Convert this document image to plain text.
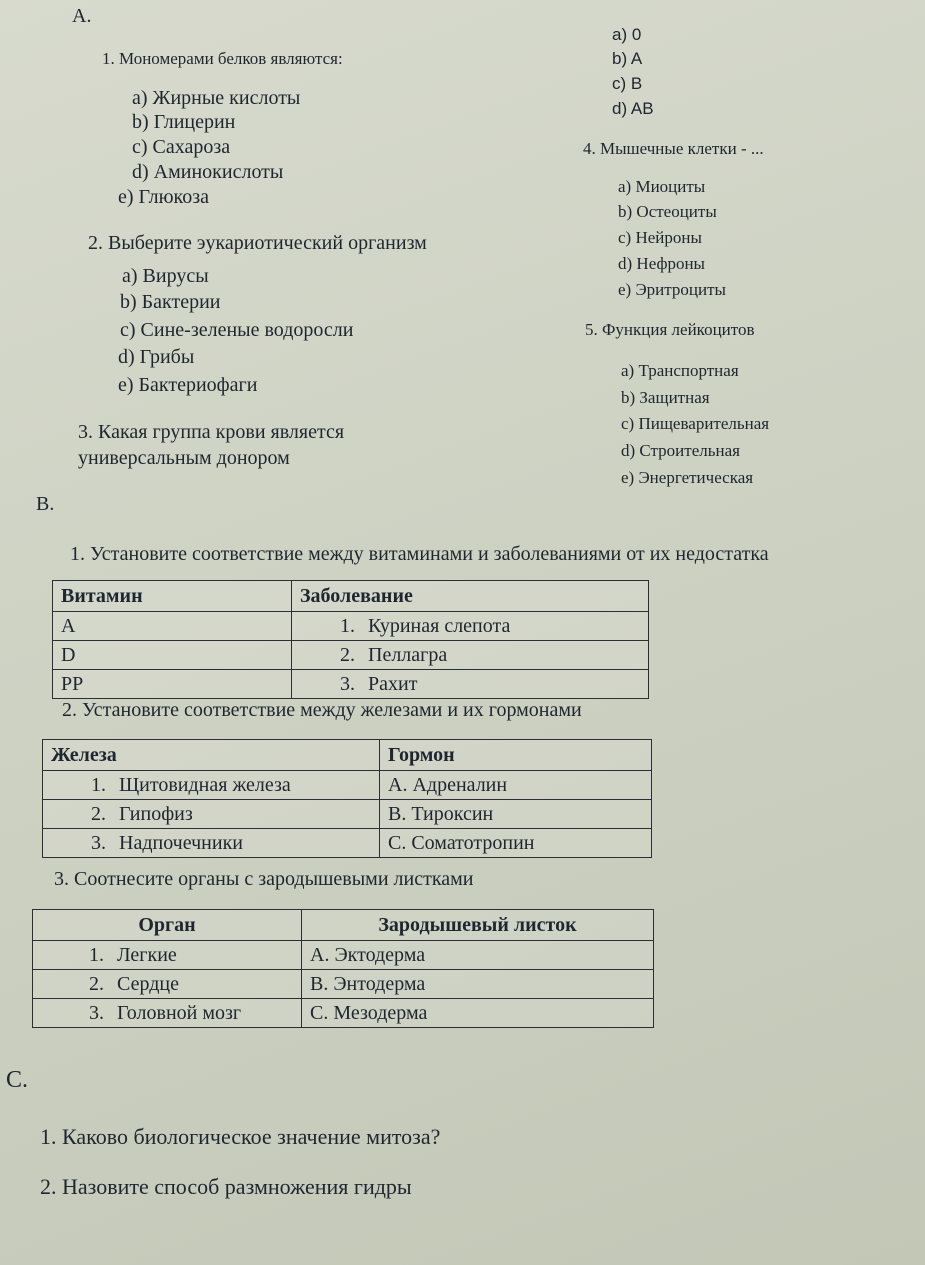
A.
1. Мономерами белков являются:
a) Жирные кислоты
b) Глицерин
c) Сахароза
d) Аминокислоты
e) Глюкоза
2. Выберите эукариотический организм
a) Вирусы
b) Бактерии
c) Сине-зеленые водоросли
d) Грибы
e) Бактериофаги
3. Какая группа крови является
универсальным донором
a) 0
b) A
c) B
d) AB
4. Мышечные клетки - ...
a) Миоциты
b) Остеоциты
c) Нейроны
d) Нефроны
e) Эритроциты
5. Функция лейкоцитов
a) Транспортная
b) Защитная
c) Пищеварительная
d) Строительная
e) Энергетическая
B.
1. Установите соответствие между витаминами и заболеваниями от их недостатка
Витамин	Заболевание
A	1. Куриная слепота
D	2. Пеллагра
PP	3. Рахит
2. Установите соответствие между железами и их гормонами
Железа	Гормон
1. Щитовидная железа	А. Адреналин
2. Гипофиз	В. Тироксин
3. Надпочечники	С. Соматотропин
3. Соотнесите органы с зародышевыми листками
Орган	Зародышевый листок
1. Легкие	А. Эктодерма
2. Сердце	В. Энтодерма
3. Головной мозг	С. Мезодерма
C.
1. Каково биологическое значение митоза?
2. Назовите способ размножения гидры
